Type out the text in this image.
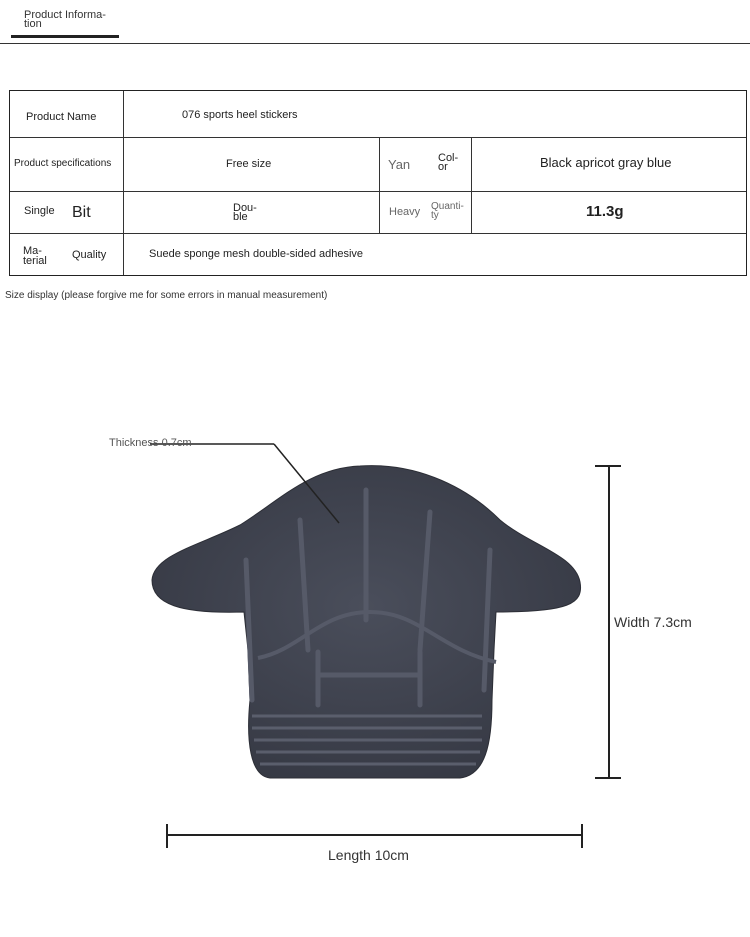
Product Informa- tion
Product Name	076 sports heel stickers
Product specifications	Free size	Yan	Col- or	Black apricot gray blue
Single Bit	Dou- ble	Heavy Quanti- ty	11.3g
Ma- terial	Quality	Suede sponge mesh double-sided adhesive
Size display (please forgive me for some errors in manual measurement)
Thickness 0.7cm
Width 7.3cm
Length 10cm
